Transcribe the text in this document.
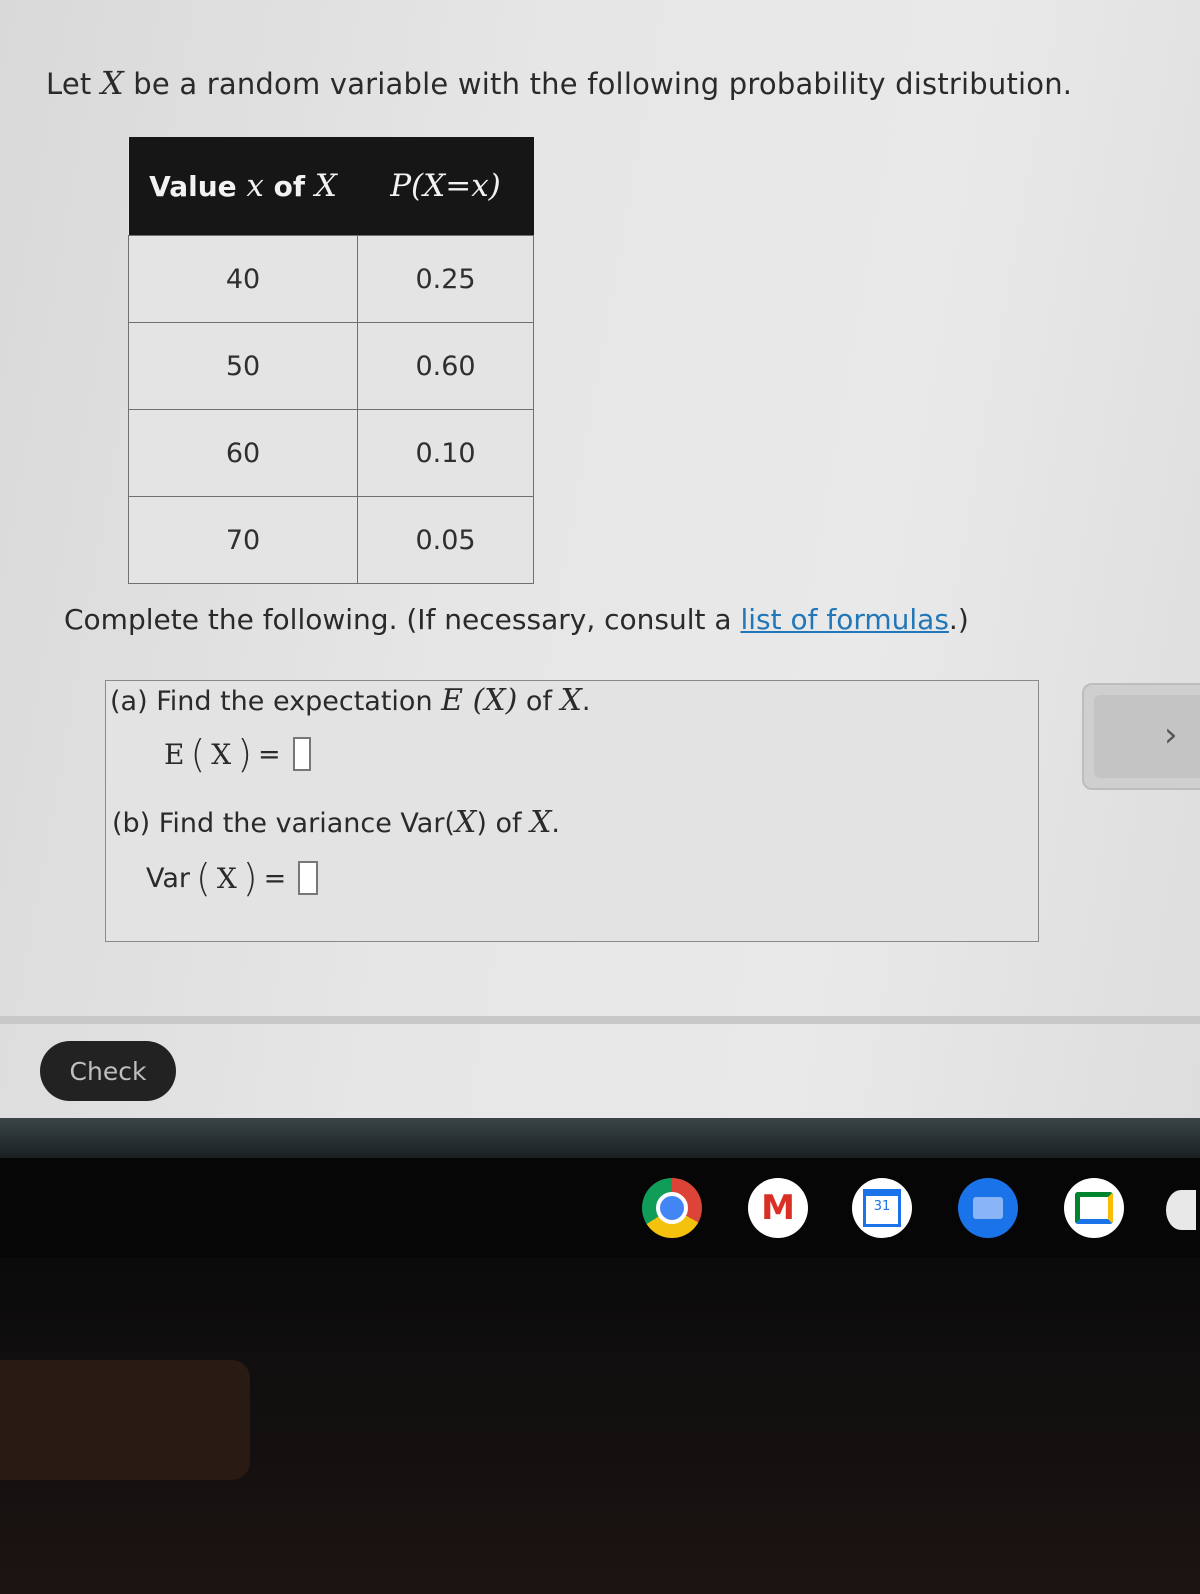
Let X be a random variable with the following probability distribution.
Value x of X	P(X=x)
40	0.25
50	0.60
60	0.10
70	0.05
Complete the following. (If necessary, consult a list of formulas.)
(a) Find the expectation E (X) of X.
E ( X ) =
(b) Find the variance Var(X) of X.
Var ( X ) =
›
Check
M	31
